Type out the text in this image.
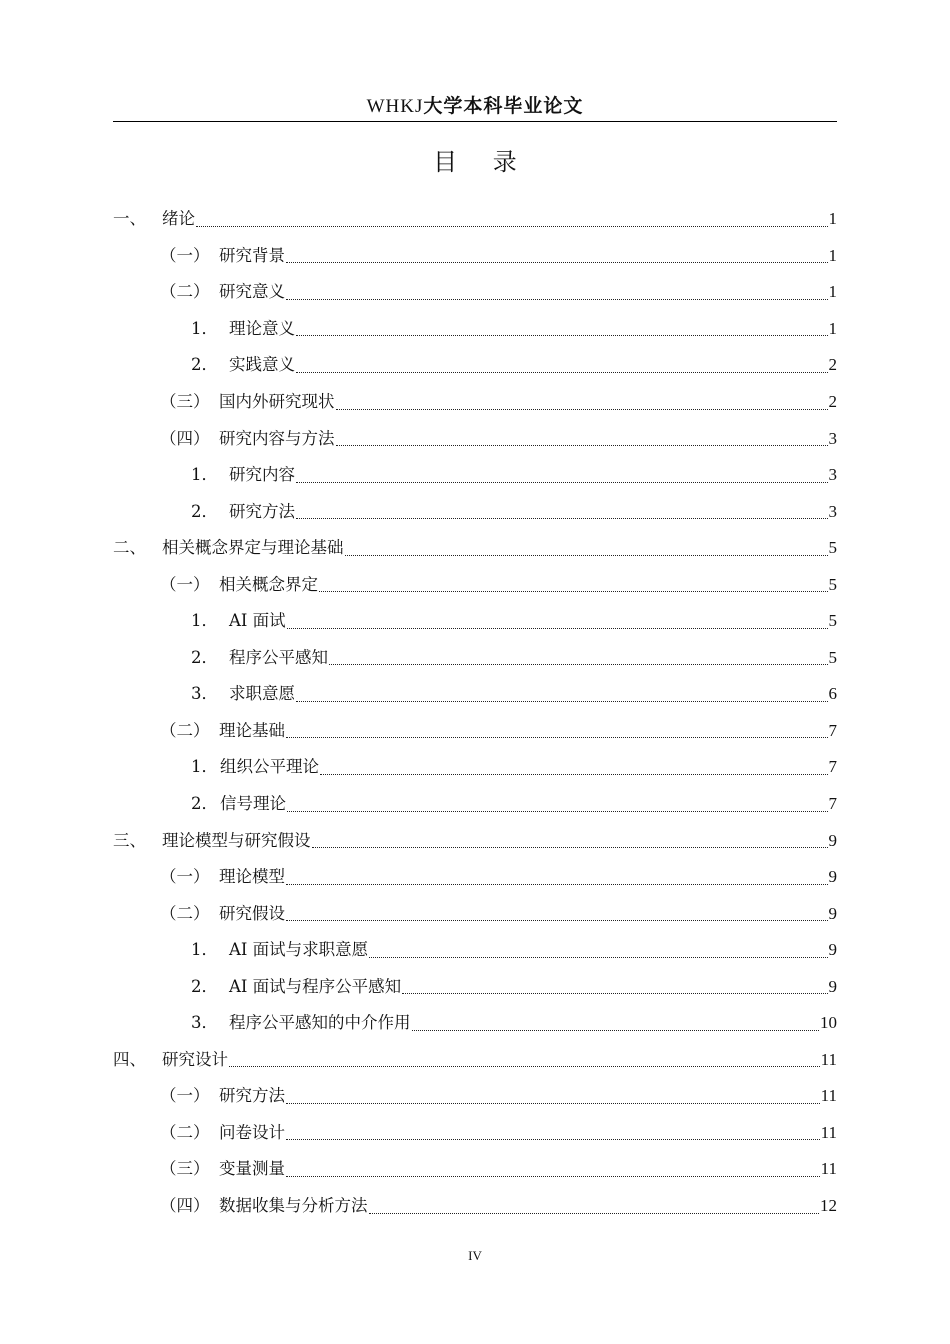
WHKJ大学本科毕业论文
目 录
一、 绪论	1
（一） 研究背景	1
（二） 研究意义	1
1． 理论意义	1
2． 实践意义	2
（三） 国内外研究现状	2
（四） 研究内容与方法	3
1． 研究内容	3
2． 研究方法	3
二、 相关概念界定与理论基础	5
（一） 相关概念界定	5
1． AI 面试	5
2． 程序公平感知	5
3． 求职意愿	6
（二） 理论基础	7
1． 组织公平理论	7
2． 信号理论	7
三、 理论模型与研究假设	9
（一） 理论模型	9
（二） 研究假设	9
1． AI 面试与求职意愿	9
2． AI 面试与程序公平感知	9
3． 程序公平感知的中介作用	10
四、 研究设计	11
（一） 研究方法	11
（二） 问卷设计	11
（三） 变量测量	11
（四） 数据收集与分析方法	12
IV
